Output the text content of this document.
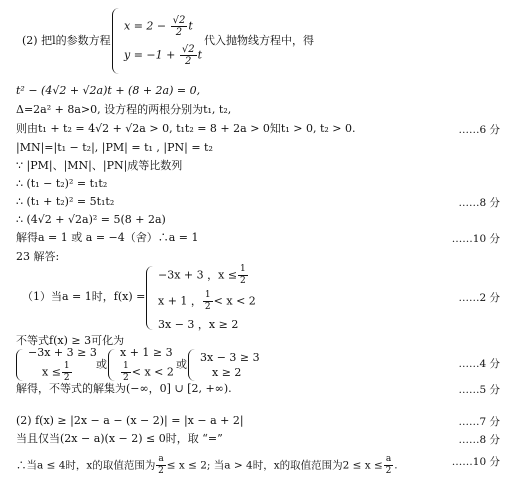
(2) 把l的参数方程
$x = 2 - \frac{√2}{2}$ t
$y = -1 + \frac{√2}{2}$ t
代入抛物线方程中，得
t² − (4√2 + √2a)t + (8 + 2a) = 0,
Δ=2a² + 8a>0, 设方程的两根分别为t₁, t₂,
则由t₁ + t₂ = 4√2 + √2a > 0, t₁t₂ = 8 + 2a > 0知t₁ > 0, t₂ > 0.	……6 分
|MN|=|t₁ − t₂|, |PM| = t₁ , |PN| = t₂
∵ |PM|、|MN|、|PN|成等比数列
∴ (t₁ − t₂)² = t₁t₂
∴ (t₁ + t₂)² = 5t₁t₂	……8 分
∴ (4√2 + √2a)² = 5(8 + 2a)
解得a = 1 或 a = −4（舍）∴a = 1	……10 分
23 解答:
（1）当a = 1时，f(x) =
−3x + 3 ，$x \le \frac{1}{2}$
x + 1 ， $\frac{1}{2} < x < 2$
3x − 3 ，x ≥ 2
……2 分
不等式f(x) ≥ 3可化为
−3x + 3 ≥ 3
$x \le \frac{1}{2}$ 或
x + 1 ≥ 3
$\frac{1}{2} < x < 2$
或
3x − 3 ≥ 3
x ≥ 2
……4 分
解得，不等式的解集为(−∞，0] ∪ [2, +∞).	……5 分
(2) f(x) ≥ |2x − a − (x − 2)| = |x − a + 2|	……7 分
当且仅当(2x − a)(x − 2) ≤ 0时，取 “=”	……8 分
∴当a ≤ 4时，x的取值范围为 $\frac{a}{2} \le x \le 2$; 当a > 4时，x的取值范围为$2 \le x \le \frac{a}{2}$ .	……10 分
